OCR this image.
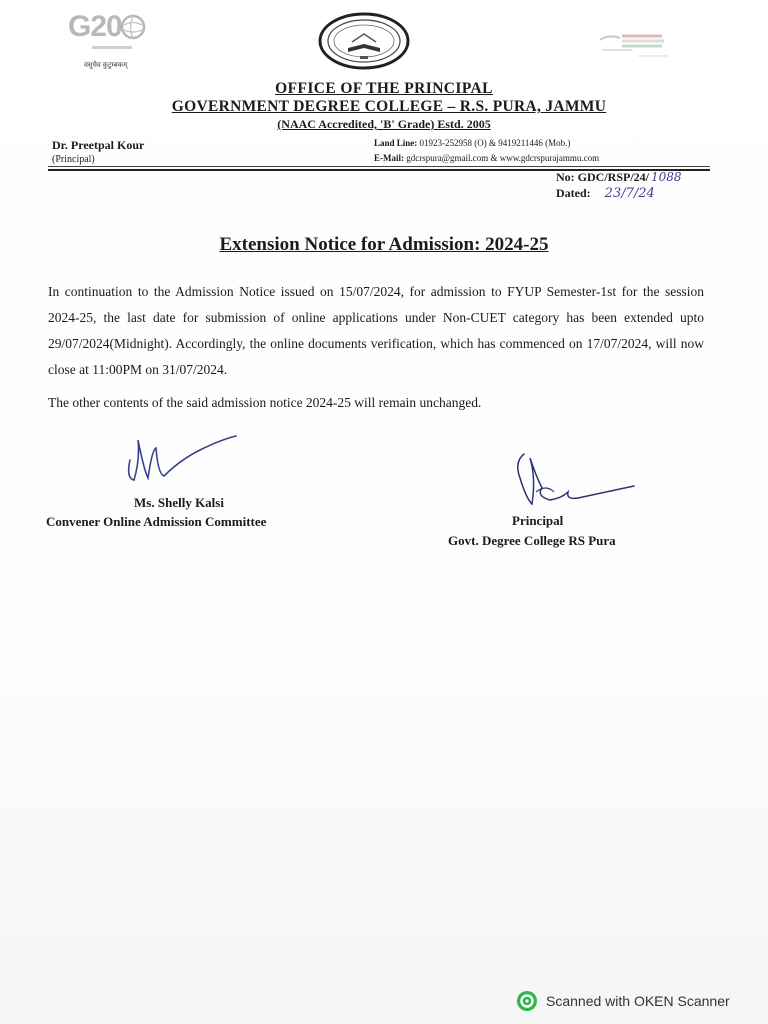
G20
वसुधैव कुटुम्बकम्
OFFICE OF THE PRINCIPAL
GOVERNMENT DEGREE COLLEGE – R.S. PURA, JAMMU
(NAAC Accredited, 'B' Grade) Estd. 2005
Dr. Preetpal Kour
(Principal)
Land Line: 01923-252958 (O) & 9419211446 (Mob.)
E-Mail: gdcrspura@gmail.com & www.gdcrspurajammu.com
No: GDC/RSP/24/ 1088
Dated: 23/7/24
Extension Notice for Admission: 2024-25
In continuation to the Admission Notice issued on 15/07/2024, for admission to FYUP Semester-1st for the session 2024-25, the last date for submission of online applications under Non-CUET category has been extended upto 29/07/2024(Midnight). Accordingly, the online documents verification, which has commenced on 17/07/2024, will now close at 11:00PM on 31/07/2024.
The other contents of the said admission notice 2024-25 will remain unchanged.
Ms. Shelly Kalsi
Convener Online Admission Committee	Principal
Govt. Degree College RS Pura
Scanned with OKEN Scanner
